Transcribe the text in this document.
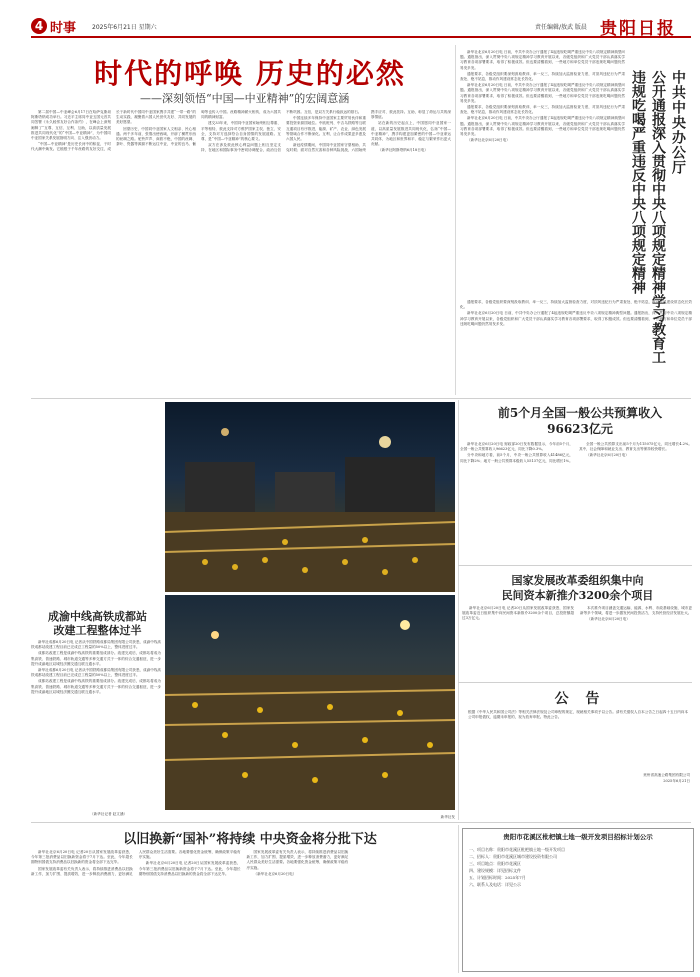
4 时事	2025年6月21日 星期六	责任编辑/敖武 版晨 贵阳日报
时代的呼唤 历史的必然
——深刻领悟“中国—中亚精神”的宏阔意涵

第二届中国—中亚峰会6月17日在哈萨克斯坦阿斯塔纳成功举行。习近平主席同中亚五国元首共同签署《永久睦邻友好合作条约》，在峰会上深刻阐释了“互尊、互信、互利、互助，以高质量发展推进共同现代化”的“中国—中亚精神”，为中国同中亚国家关系发展指明方向、注入强劲动力。

“中国—中亚精神”是历史长河中的积淀，于时代大潮中焕发。它植根于千年丝路的友好交往，成长于新时代中国同中亚国家携手共建“一带一路”的生动实践，凝聚着六国人民世代友好、共同发展的美好愿望。

回望历史，中国同中亚国家人文相亲、民心相通。两千多年前，张骞出使西域，开辟了横贯东西的丝绸之路。驼铃声声、商旅不绝，中国的丝绸、茶叶、瓷器等源源不断运往中亚，中亚的良马、葡萄等也传入中国。丝路精神薪火相传，成为六国共同的精神财富。

建交33年来，中国同中亚国家始终相互尊重、平等相待，彼此支持对方维护国家主权、独立、安全，支持对方选择符合自身国情的发展道路。互尊，是“中国—中亚精神”的核心要义。

双方在涉及彼此核心利益问题上相互坚定支持，在地区和国际事务中密切协调配合，政治互信不断巩固。互信，是双方关系行稳致远的基石。

中国连续多年保持中亚国家主要贸易伙伴和重要投资来源国地位。中欧班列、中吉乌铁路等互联互通项目有序推进，能源、矿产、农业、绿色发展等领域合作不断深化。互利，让合作成果更多惠及六国人民。

新冠疫情期间，中国同中亚国家守望相助、共克时艰；面对自然灾害和各种风险挑战，六国始终携手应对、彼此扶持。互助，彰显了命运与共的深厚情谊。

站在新的历史起点上，中国愿同中亚国家一道，以高质量发展推进共同现代化，弘扬“中国—中亚精神”，携手构建更加紧密的中国—中亚命运共同体，为地区和世界和平、稳定与繁荣作出更大贡献。

（新华社阿斯塔纳6月18日电）	中共中央办公厅
公开通报深入贯彻中央八项规定精神学习教育工
违规吃喝严重违反中央八项规定精神

新华社北京6月20日电 日前，中共中央办公厅通报了4起违规吃喝严重违反中央八项规定精神典型问题。通报指出，深入贯彻中央八项规定精神学习教育开展以来，各级党组织和广大党员干部认真落实学习教育各项部署要求，取得了积极成效。但也要清醒看到，一些地方和单位党员干部违规吃喝问题仍然易发多发。

通报要求，各级党组织要深刻汲取教训、举一反三，持续加大监督检查力度，对顶风违纪行为严肃查处、绝不姑息，推动作风建设常态化长效化。

新华社北京6月20日电 日前，中共中央办公厅通报了4起违规吃喝严重违反中央八项规定精神典型问题。通报指出，深入贯彻中央八项规定精神学习教育开展以来，各级党组织和广大党员干部认真落实学习教育各项部署要求，取得了积极成效。但也要清醒看到，一些地方和单位党员干部违规吃喝问题仍然易发多发。

通报要求，各级党组织要深刻汲取教训、举一反三，持续加大监督检查力度，对顶风违纪行为严肃查处、绝不姑息，推动作风建设常态化长效化。

新华社北京6月20日电 日前，中共中央办公厅通报了4起违规吃喝严重违反中央八项规定精神典型问题。通报指出，深入贯彻中央八项规定精神学习教育开展以来，各级党组织和广大党员干部认真落实学习教育各项部署要求，取得了积极成效。但也要清醒看到，一些地方和单位党员干部违规吃喝问题仍然易发多发。

（新华社北京6月20日电）

通报要求，各级党组织要深刻汲取教训、举一反三，持续加大监督检查力度，对顶风违纪行为严肃查处、绝不姑息，推动作风建设常态化长效化。

新华社北京6月20日电 日前，中共中央办公厅通报了4起违规吃喝严重违反中央八项规定精神典型问题。通报指出，深入贯彻中央八项规定精神学习教育开展以来，各级党组织和广大党员干部认真落实学习教育各项部署要求，取得了积极成效。但也要清醒看到，一些地方和单位党员干部违规吃喝问题仍然易发多发。

前5个月全国一般公共预算收入96623亿元

新华社北京6月20日电 财政部20日发布数据显示，今年前5个月，全国一般公共预算收入96623亿元，同比下降0.3%。

分中央和地方看，前5个月，中央一般公共预算收入41486亿元，同比下降2%；地方一般公共预算本级收入55137亿元，同比增长1%。

全国一般公共预算支出前5个月为115075亿元，同比增长4.2%。其中，社会保障和就业支出、教育支出等保持较快增长。

（新华社北京6月20日电）

成渝中线高铁成都站
改建工程整体过半

新华社成都6月20日电 记者从中国铁路成都局集团有限公司获悉，成渝中线高铁成都站改建工程目前已完成总工程量的50%以上，整体进度过半。

成都站改建工程是成渝中线高铁的重要组成部分。改建完成后，成都站将成为集高铁、普速铁路、城市轨道交通等多种交通方式于一体的综合交通枢纽，进一步提升成渝地区双城经济圈交通互联互通水平。

新华社成都6月20日电 记者从中国铁路成都局集团有限公司获悉，成渝中线高铁成都站改建工程目前已完成总工程量的50%以上，整体进度过半。

成都站改建工程是成渝中线高铁的重要组成部分。改建完成后，成都站将成为集高铁、普速铁路、城市轨道交通等多种交通方式于一体的综合交通枢纽，进一步提升成渝地区双城经济圈交通互联互通水平。

（新华社记者 赵文涵）
新华社发
国家发展改革委组织集中向
民间资本新推介3200余个项目

新华社北京6月20日电 记者20日从国家发展改革委获悉，国家发展改革委近日组织集中向民间资本新推介3200余个项目，总投资额超过3万亿元。

本次推介项目涵盖交通运输、能源、水利、市政基础设施、城市更新等多个领域，将进一步激发民间投资活力，支持民营经济发展壮大。

（新华社北京6月20日电）

公 告
根据《中华人民共和国公司法》等相关法律法规及公司章程的规定，现就相关事项予以公告。请有关债权人自本公告之日起四十五日内向本公司申报债权，逾期未申报的，视为放弃申报。特此公告。
贵州省高速公路集团有限公司
2025年6月21日
以旧换新“国补”将持续 中央资金将分批下达

新华社北京6月20日电 记者20日从国家发展改革委获悉，今年第三批消费品以旧换新资金将于7月下达。至此，今年超长期特别国债支持消费品以旧换新的资金将全部下达完毕。

国家发展改革委有关负责人表示，将持续推进消费品以旧换新工作，加力扩围、提质增效，进一步释放消费潜力，更好满足人民群众美好生活需要。各地要强化资金统筹，确保政策平稳有序实施。

新华社北京6月20日电 记者20日从国家发展改革委获悉，今年第三批消费品以旧换新资金将于7月下达。至此，今年超长期特别国债支持消费品以旧换新的资金将全部下达完毕。

国家发展改革委有关负责人表示，将持续推进消费品以旧换新工作，加力扩围、提质增效，进一步释放消费潜力，更好满足人民群众美好生活需要。各地要强化资金统筹，确保政策平稳有序实施。

（新华社北京6月20日电）

贵阳市花溪区枇杷镇土地一级开发项目招标计划公示
一、项目名称：贵阳市花溪区枇杷镇土地一级开发项目
二、招标人：贵阳市花溪区城市建设投资有限公司
三、项目地点：贵阳市花溪区
四、建设规模：详见招标文件
五、计划招标时间：2025年7月
六、联系人及电话：详见公示
